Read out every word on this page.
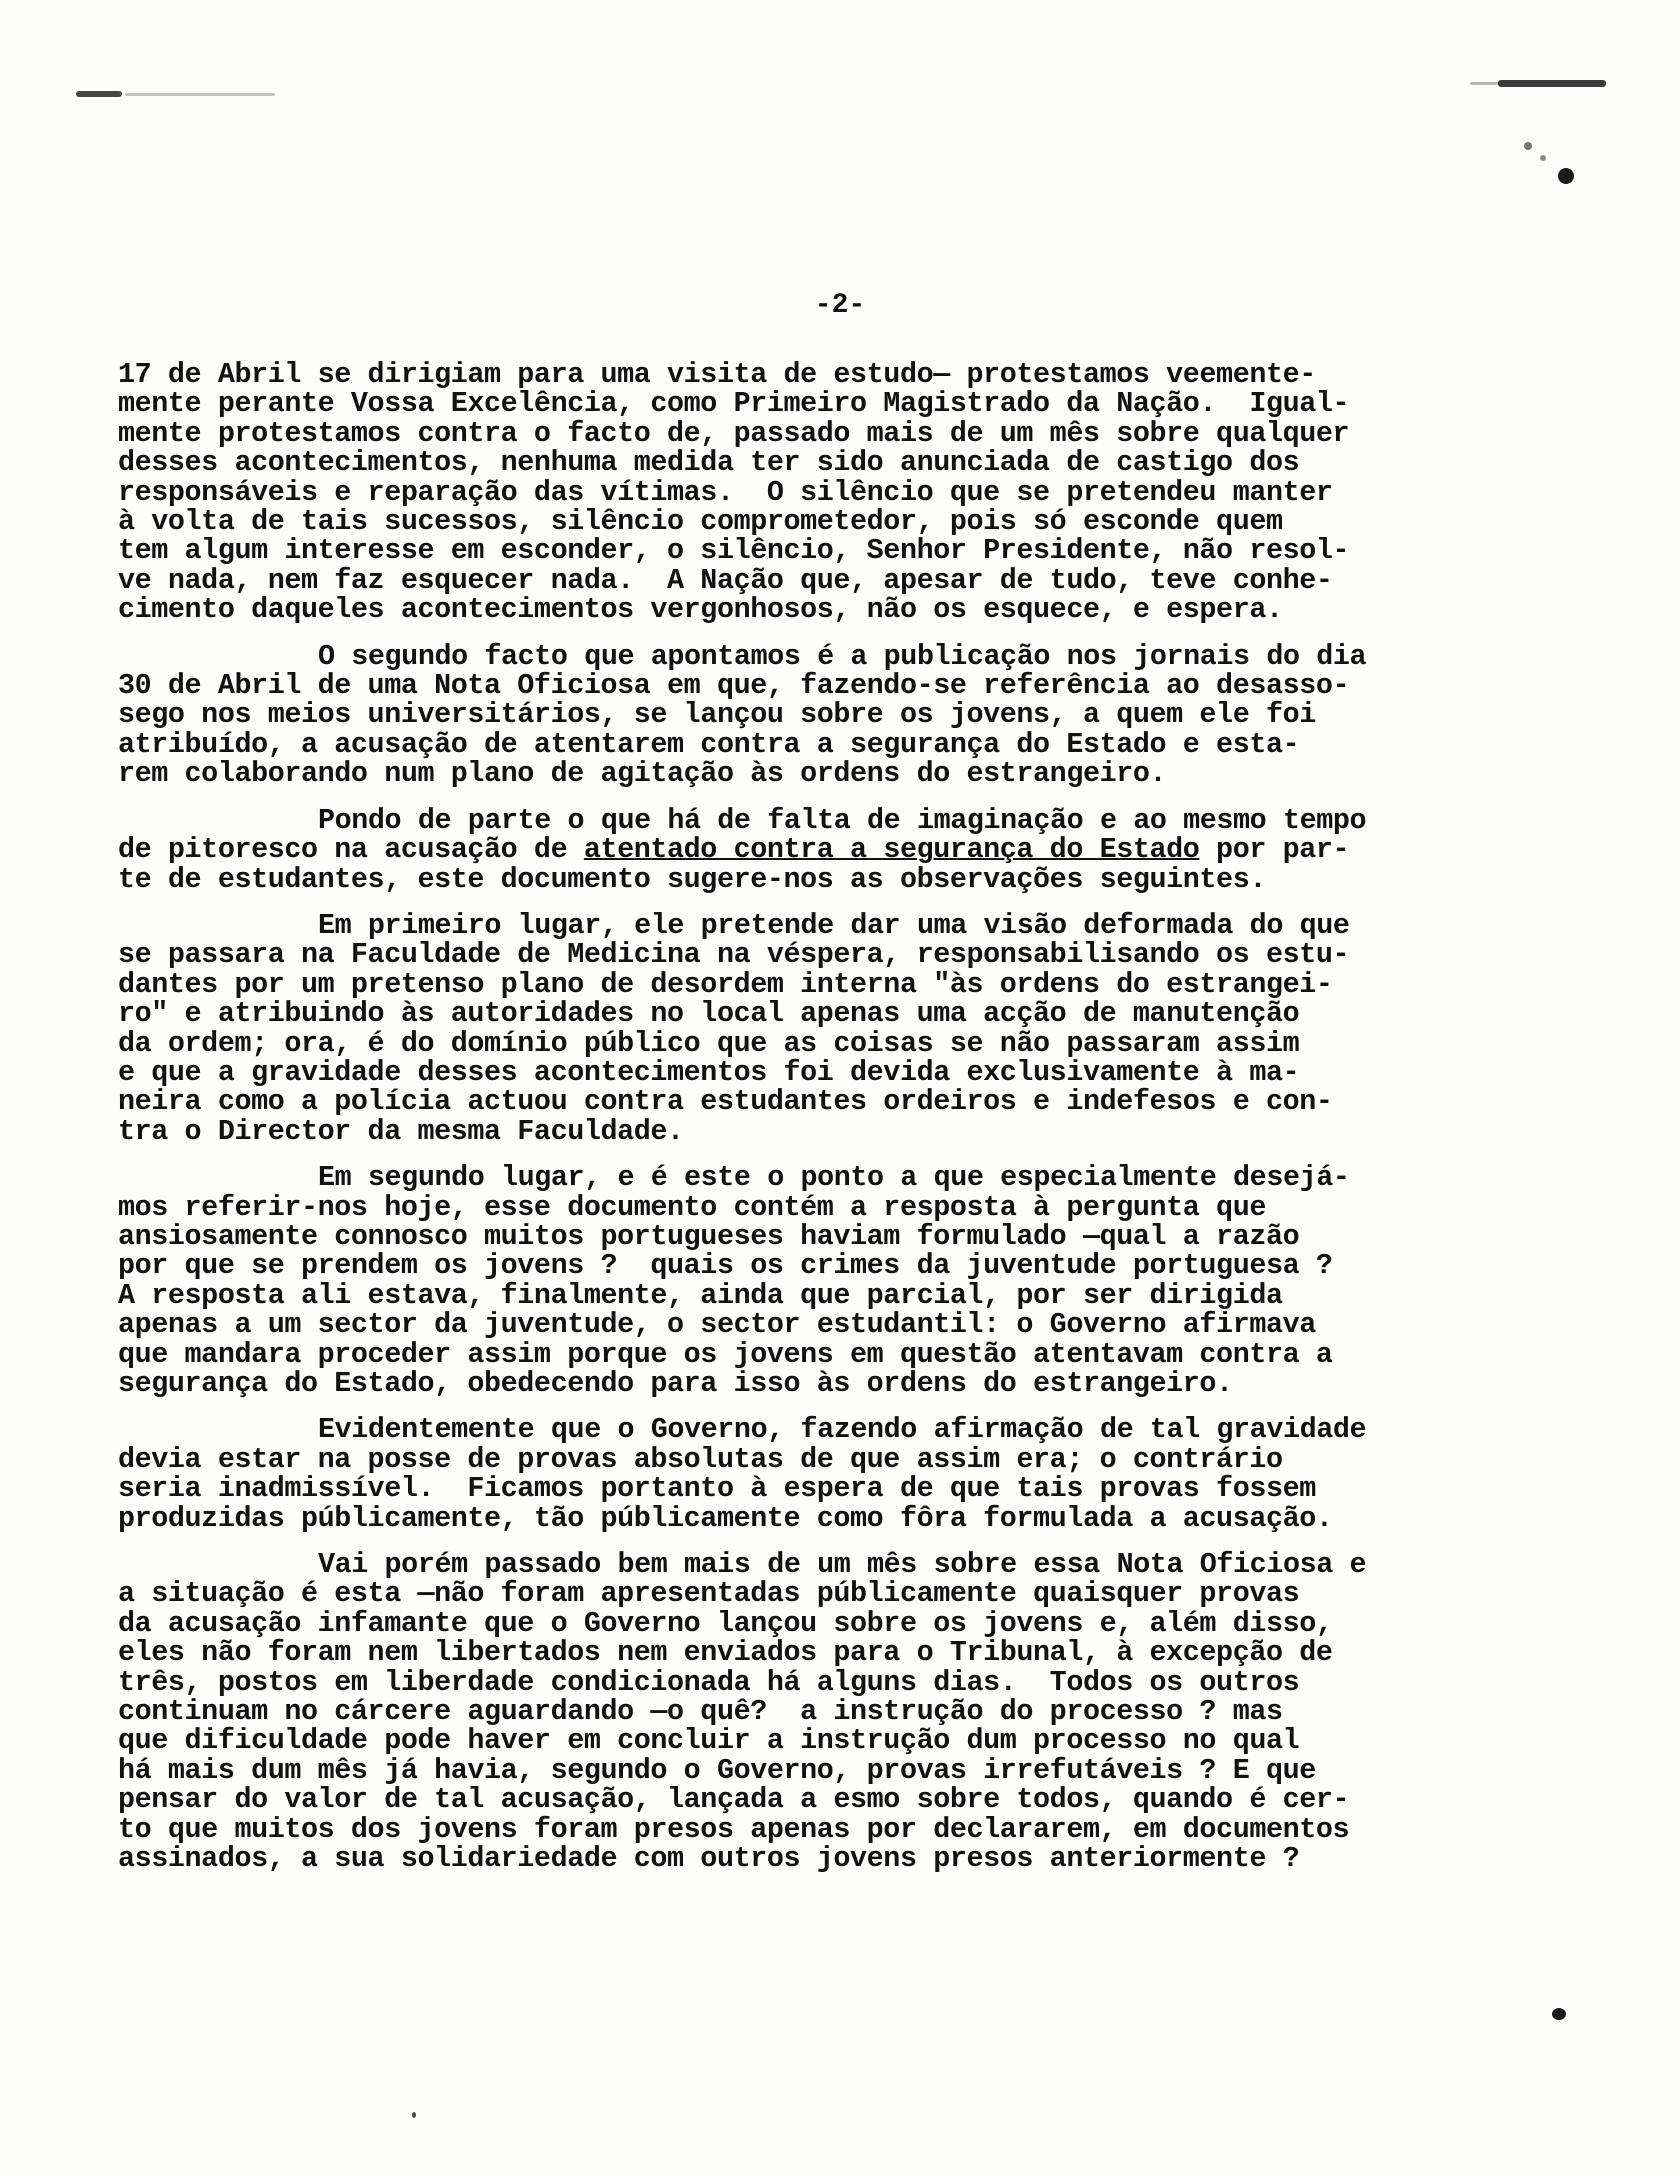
-2-
17 de Abril se dirigiam para uma visita de estudo— protestamos veemente-
mente perante Vossa Excelência, como Primeiro Magistrado da Nação.  Igual-
mente protestamos contra o facto de, passado mais de um mês sobre qualquer
desses acontecimentos, nenhuma medida ter sido anunciada de castigo dos
responsáveis e reparação das vítimas.  O silêncio que se pretendeu manter
à volta de tais sucessos, silêncio comprometedor, pois só esconde quem
tem algum interesse em esconder, o silêncio, Senhor Presidente, não resol-
ve nada, nem faz esquecer nada.  A Nação que, apesar de tudo, teve conhe-
cimento daqueles acontecimentos vergonhosos, não os esquece, e espera.
O segundo facto que apontamos é a publicação nos jornais do dia
30 de Abril de uma Nota Oficiosa em que, fazendo-se referência ao desasso-
sego nos meios universitários, se lançou sobre os jovens, a quem ele foi
atribuído, a acusação de atentarem contra a segurança do Estado e esta-
rem colaborando num plano de agitação às ordens do estrangeiro.
Pondo de parte o que há de falta de imaginação e ao mesmo tempo
de pitoresco na acusação de atentado contra a segurança do Estado por par-
te de estudantes, este documento sugere-nos as observações seguintes.
Em primeiro lugar, ele pretende dar uma visão deformada do que
se passara na Faculdade de Medicina na véspera, responsabilisando os estu-
dantes por um pretenso plano de desordem interna "às ordens do estrangei-
ro" e atribuindo às autoridades no local apenas uma acção de manutenção
da ordem; ora, é do domínio público que as coisas se não passaram assim
e que a gravidade desses acontecimentos foi devida exclusivamente à ma-
neira como a polícia actuou contra estudantes ordeiros e indefesos e con-
tra o Director da mesma Faculdade.
Em segundo lugar, e é este o ponto a que especialmente desejá-
mos referir-nos hoje, esse documento contém a resposta à pergunta que
ansiosamente connosco muitos portugueses haviam formulado —qual a razão
por que se prendem os jovens ?  quais os crimes da juventude portuguesa ?
A resposta ali estava, finalmente, ainda que parcial, por ser dirigida
apenas a um sector da juventude, o sector estudantil: o Governo afirmava
que mandara proceder assim porque os jovens em questão atentavam contra a
segurança do Estado, obedecendo para isso às ordens do estrangeiro.
Evidentemente que o Governo, fazendo afirmação de tal gravidade
devia estar na posse de provas absolutas de que assim era; o contrário
seria inadmissível.  Ficamos portanto à espera de que tais provas fossem
produzidas públicamente, tão públicamente como fôra formulada a acusação.
Vai porém passado bem mais de um mês sobre essa Nota Oficiosa e
a situação é esta —não foram apresentadas públicamente quaisquer provas
da acusação infamante que o Governo lançou sobre os jovens e, além disso,
eles não foram nem libertados nem enviados para o Tribunal, à excepção de
três, postos em liberdade condicionada há alguns dias.  Todos os outros
continuam no cárcere aguardando —o quê?  a instrução do processo ? mas
que dificuldade pode haver em concluir a instrução dum processo no qual
há mais dum mês já havia, segundo o Governo, provas irrefutáveis ? E que
pensar do valor de tal acusação, lançada a esmo sobre todos, quando é cer-
to que muitos dos jovens foram presos apenas por declararem, em documentos
assinados, a sua solidariedade com outros jovens presos anteriormente ?
